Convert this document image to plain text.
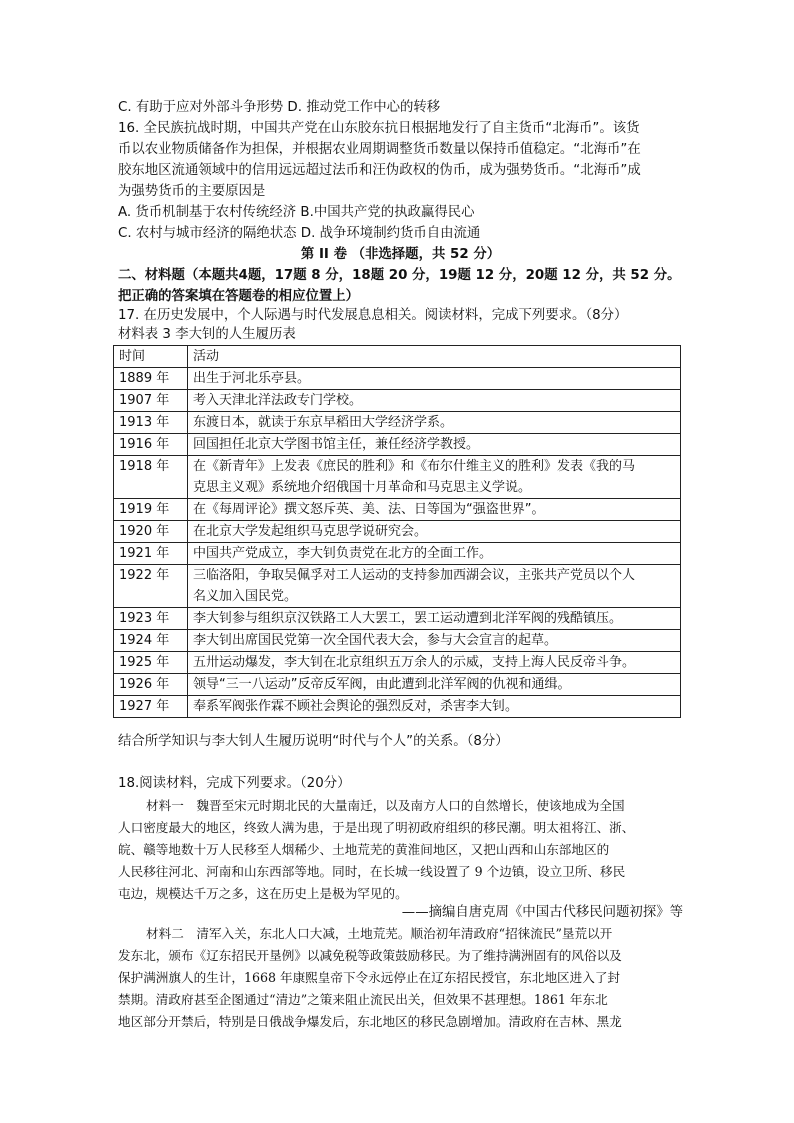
C. 有助于应对外部斗争形势 D. 推动党工作中心的转移
16. 全民族抗战时期，中国共产党在山东胶东抗日根据地发行了自主货币“北海币”。该货
币以农业物质储备作为担保，并根据农业周期调整货币数量以保持币值稳定。“北海币”在
胶东地区流通领域中的信用远远超过法币和汪伪政权的伪币，成为强势货币。“北海币”成
为强势货币的主要原因是
A. 货币机制基于农村传统经济 B.中国共产党的执政赢得民心
C. 农村与城市经济的隔绝状态 D. 战争环境制约货币自由流通
第 II 卷 （非选择题，共 52 分）
二、材料题（本题共4题，17题 8 分，18题 20 分，19题 12 分，20题 12 分，共 52 分。
把正确的答案填在答题卷的相应位置上）
17. 在历史发展中，个人际遇与时代发展息息相关。阅读材料，完成下列要求。（8分）
材料表 3 李大钊的人生履历表
时间	活动
1889 年	出生于河北乐亭县。
1907 年	考入天津北洋法政专门学校。
1913 年	东渡日本，就读于东京早稻田大学经济学系。
1916 年	回国担任北京大学图书馆主任，兼任经济学教授。
1918 年	在《新青年》上发表《庶民的胜利》和《布尔什维主义的胜利》发表《我的马
克思主义观》系统地介绍俄国十月革命和马克思主义学说。

1919 年	在《每周评论》撰文怒斥英、美、法、日等国为“强盗世界”。
1920 年	在北京大学发起组织马克思学说研究会。
1921 年	中国共产党成立，李大钊负责党在北方的全面工作。
1922 年	三临洛阳，争取吴佩孚对工人运动的支持参加西湖会议，主张共产党员以个人
名义加入国民党。

1923 年	李大钊参与组织京汉铁路工人大罢工，罢工运动遭到北洋军阀的残酷镇压。
1924 年	李大钊出席国民党第一次全国代表大会，参与大会宣言的起草。
1925 年	五卅运动爆发，李大钊在北京组织五万余人的示威，支持上海人民反帝斗争。
1926 年	领导“三一八运动”反帝反军阀，由此遭到北洋军阀的仇视和通缉。
1927 年	奉系军阀张作霖不顾社会舆论的强烈反对，杀害李大钊。
结合所学知识与李大钊人生履历说明“时代与个人”的关系。（8分）
18.阅读材料，完成下列要求。（20分）
材料一　魏晋至宋元时期北民的大量南迁，以及南方人口的自然增长，使该地成为全国
人口密度最大的地区，终致人满为患，于是出现了明初政府组织的移民潮。明太祖将江、浙、
皖、赣等地数十万人民移至人烟稀少、土地荒芜的黄淮间地区，又把山西和山东部地区的
人民移往河北、河南和山东西部等地。同时，在长城一线设置了 9 个边镇，设立卫所、移民
屯边，规模达千万之多，这在历史上是极为罕见的。
——摘编自唐克周《中国古代移民问题初探》等
材料二　清军入关，东北人口大减，土地荒芜。顺治初年清政府“招徕流民”垦荒以开
发东北，颁布《辽东招民开垦例》以减免税等政策鼓励移民。为了维持满洲固有的风俗以及
保护满洲旗人的生计，1668 年康熙皇帝下令永远停止在辽东招民授官，东北地区进入了封
禁期。清政府甚至企图通过“清边”之策来阻止流民出关，但效果不甚理想。1861 年东北
地区部分开禁后，特别是日俄战争爆发后，东北地区的移民急剧增加。清政府在吉林、黑龙
